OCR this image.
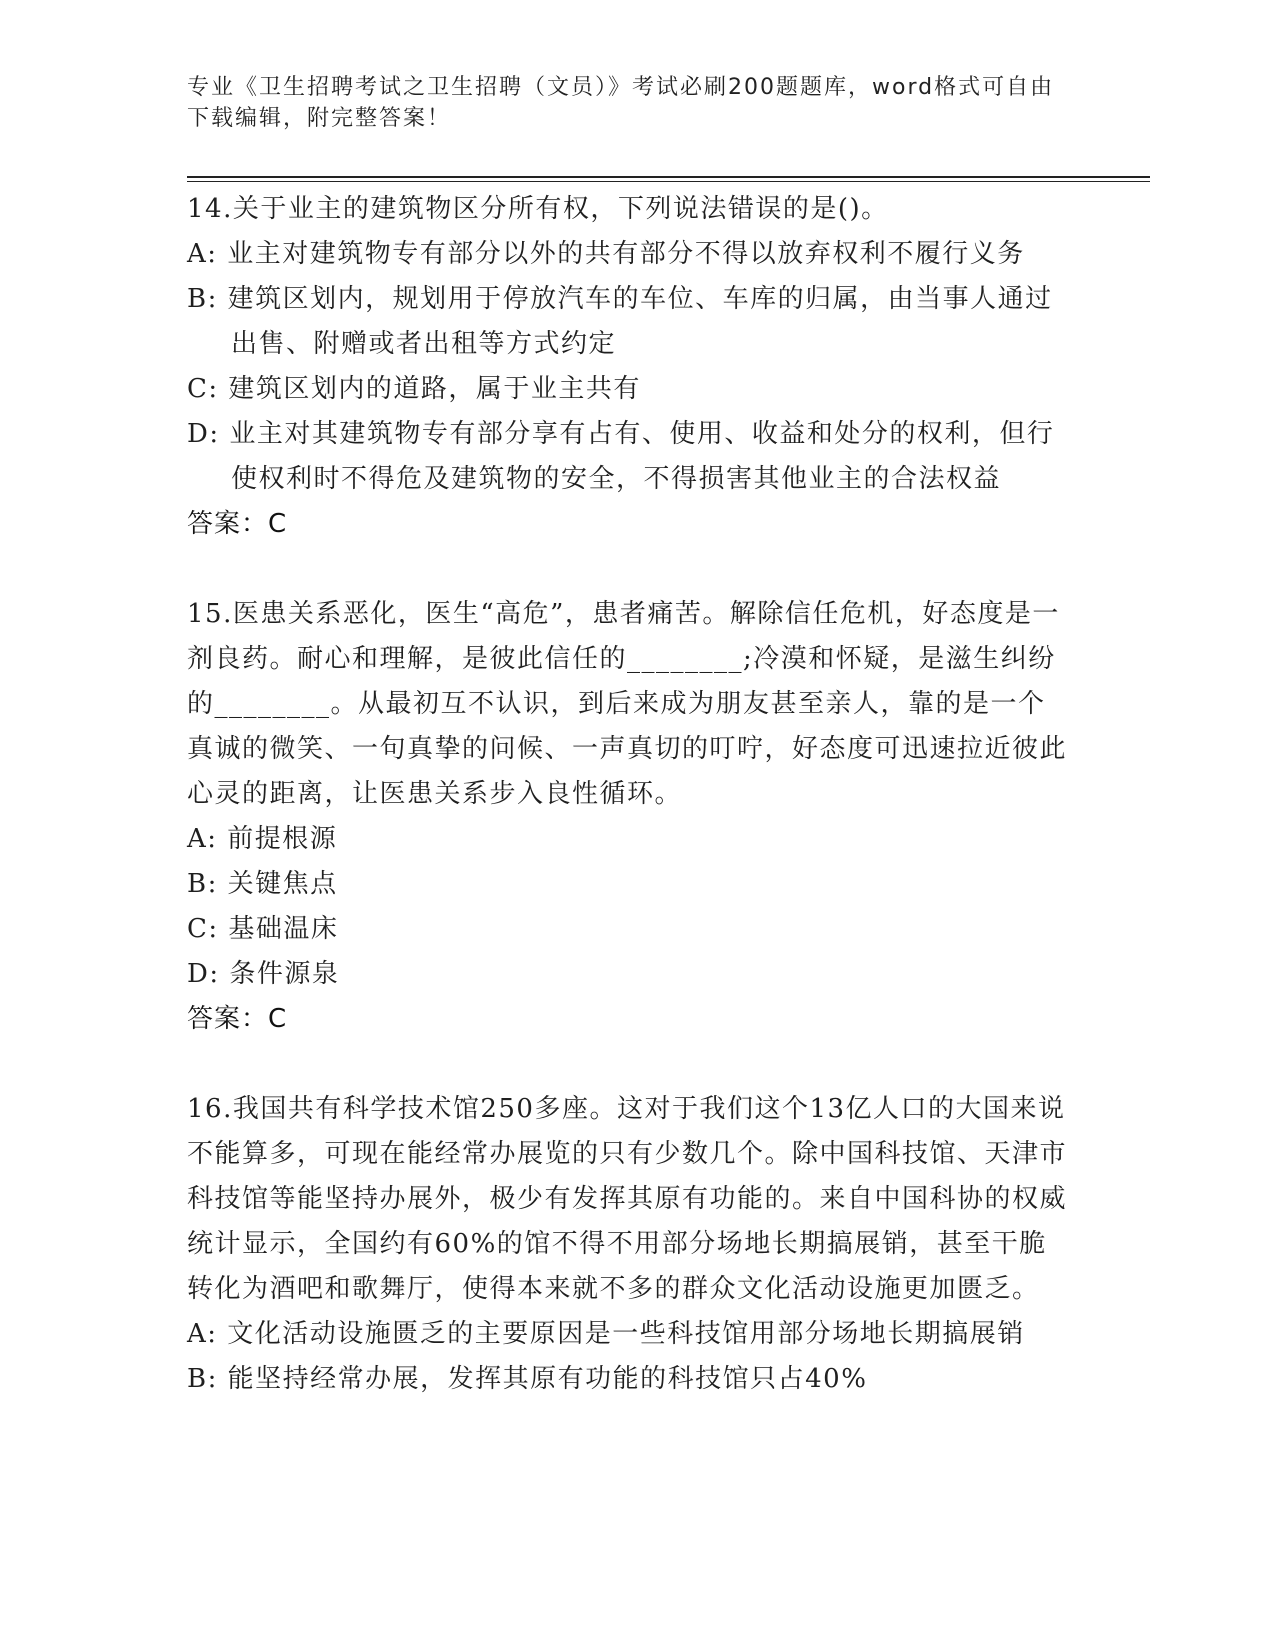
专业《卫生招聘考试之卫生招聘（文员）》考试必刷200题题库，word格式可自由下载编辑，附完整答案！

14.关于业主的建筑物区分所有权，下列说法错误的是()。

A: 业主对建筑物专有部分以外的共有部分不得以放弃权利不履行义务

B: 建筑区划内，规划用于停放汽车的车位、车库的归属，由当事人通过出售、附赠或者出租等方式约定

C: 建筑区划内的道路，属于业主共有

D: 业主对其建筑物专有部分享有占有、使用、收益和处分的权利，但行使权利时不得危及建筑物的安全，不得损害其他业主的合法权益

答案：C

15.医患关系恶化，医生“高危”，患者痛苦。解除信任危机，好态度是一剂良药。耐心和理解，是彼此信任的________;冷漠和怀疑，是滋生纠纷的________。从最初互不认识，到后来成为朋友甚至亲人，靠的是一个真诚的微笑、一句真挚的问候、一声真切的叮咛，好态度可迅速拉近彼此心灵的距离，让医患关系步入良性循环。

A: 前提根源

B: 关键焦点

C: 基础温床

D: 条件源泉

答案：C

16.我国共有科学技术馆250多座。这对于我们这个13亿人口的大国来说不能算多，可现在能经常办展览的只有少数几个。除中国科技馆、天津市科技馆等能坚持办展外，极少有发挥其原有功能的。来自中国科协的权威统计显示，全国约有60%的馆不得不用部分场地长期搞展销，甚至干脆转化为酒吧和歌舞厅，使得本来就不多的群众文化活动设施更加匮乏。

A: 文化活动设施匮乏的主要原因是一些科技馆用部分场地长期搞展销

B: 能坚持经常办展，发挥其原有功能的科技馆只占40%
